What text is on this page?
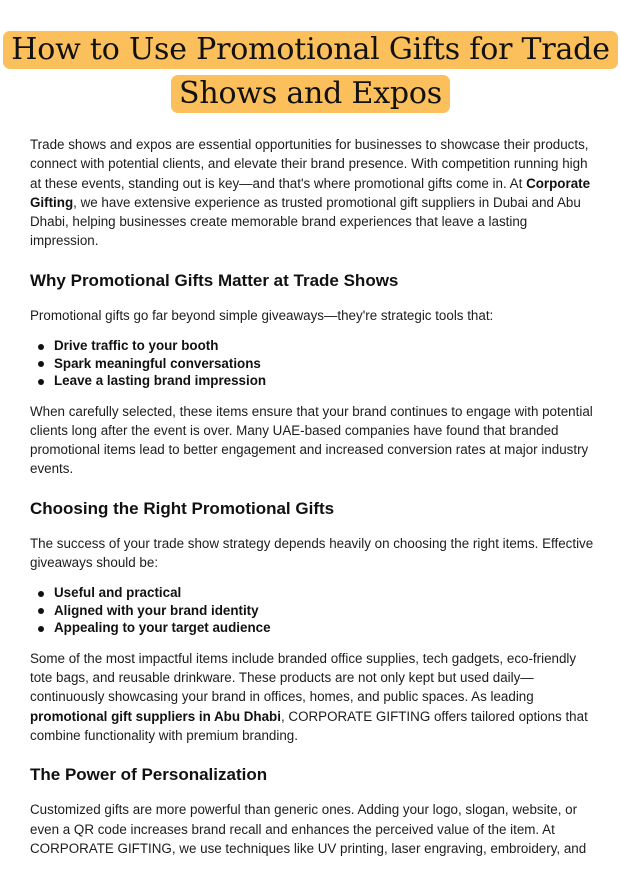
How to Use Promotional Gifts for Trade
Shows and Expos

Trade shows and expos are essential opportunities for businesses to showcase their products, connect with potential clients, and elevate their brand presence. With competition running high at these events, standing out is key—and that's where promotional gifts come in. At Corporate Gifting, we have extensive experience as trusted promotional gift suppliers in Dubai and Abu Dhabi, helping businesses create memorable brand experiences that leave a lasting impression.

Why Promotional Gifts Matter at Trade Shows

Promotional gifts go far beyond simple giveaways—they're strategic tools that:

Drive traffic to your booth
Spark meaningful conversations
Leave a lasting brand impression

When carefully selected, these items ensure that your brand continues to engage with potential clients long after the event is over. Many UAE-based companies have found that branded promotional items lead to better engagement and increased conversion rates at major industry events.

Choosing the Right Promotional Gifts

The success of your trade show strategy depends heavily on choosing the right items. Effective giveaways should be:

Useful and practical
Aligned with your brand identity
Appealing to your target audience

Some of the most impactful items include branded office supplies, tech gadgets, eco-friendly tote bags, and reusable drinkware. These products are not only kept but used daily—continuously showcasing your brand in offices, homes, and public spaces. As leading promotional gift suppliers in Abu Dhabi, CORPORATE GIFTING offers tailored options that combine functionality with premium branding.

The Power of Personalization

Customized gifts are more powerful than generic ones. Adding your logo, slogan, website, or even a QR code increases brand recall and enhances the perceived value of the item. At CORPORATE GIFTING, we use techniques like UV printing, laser engraving, embroidery, and
